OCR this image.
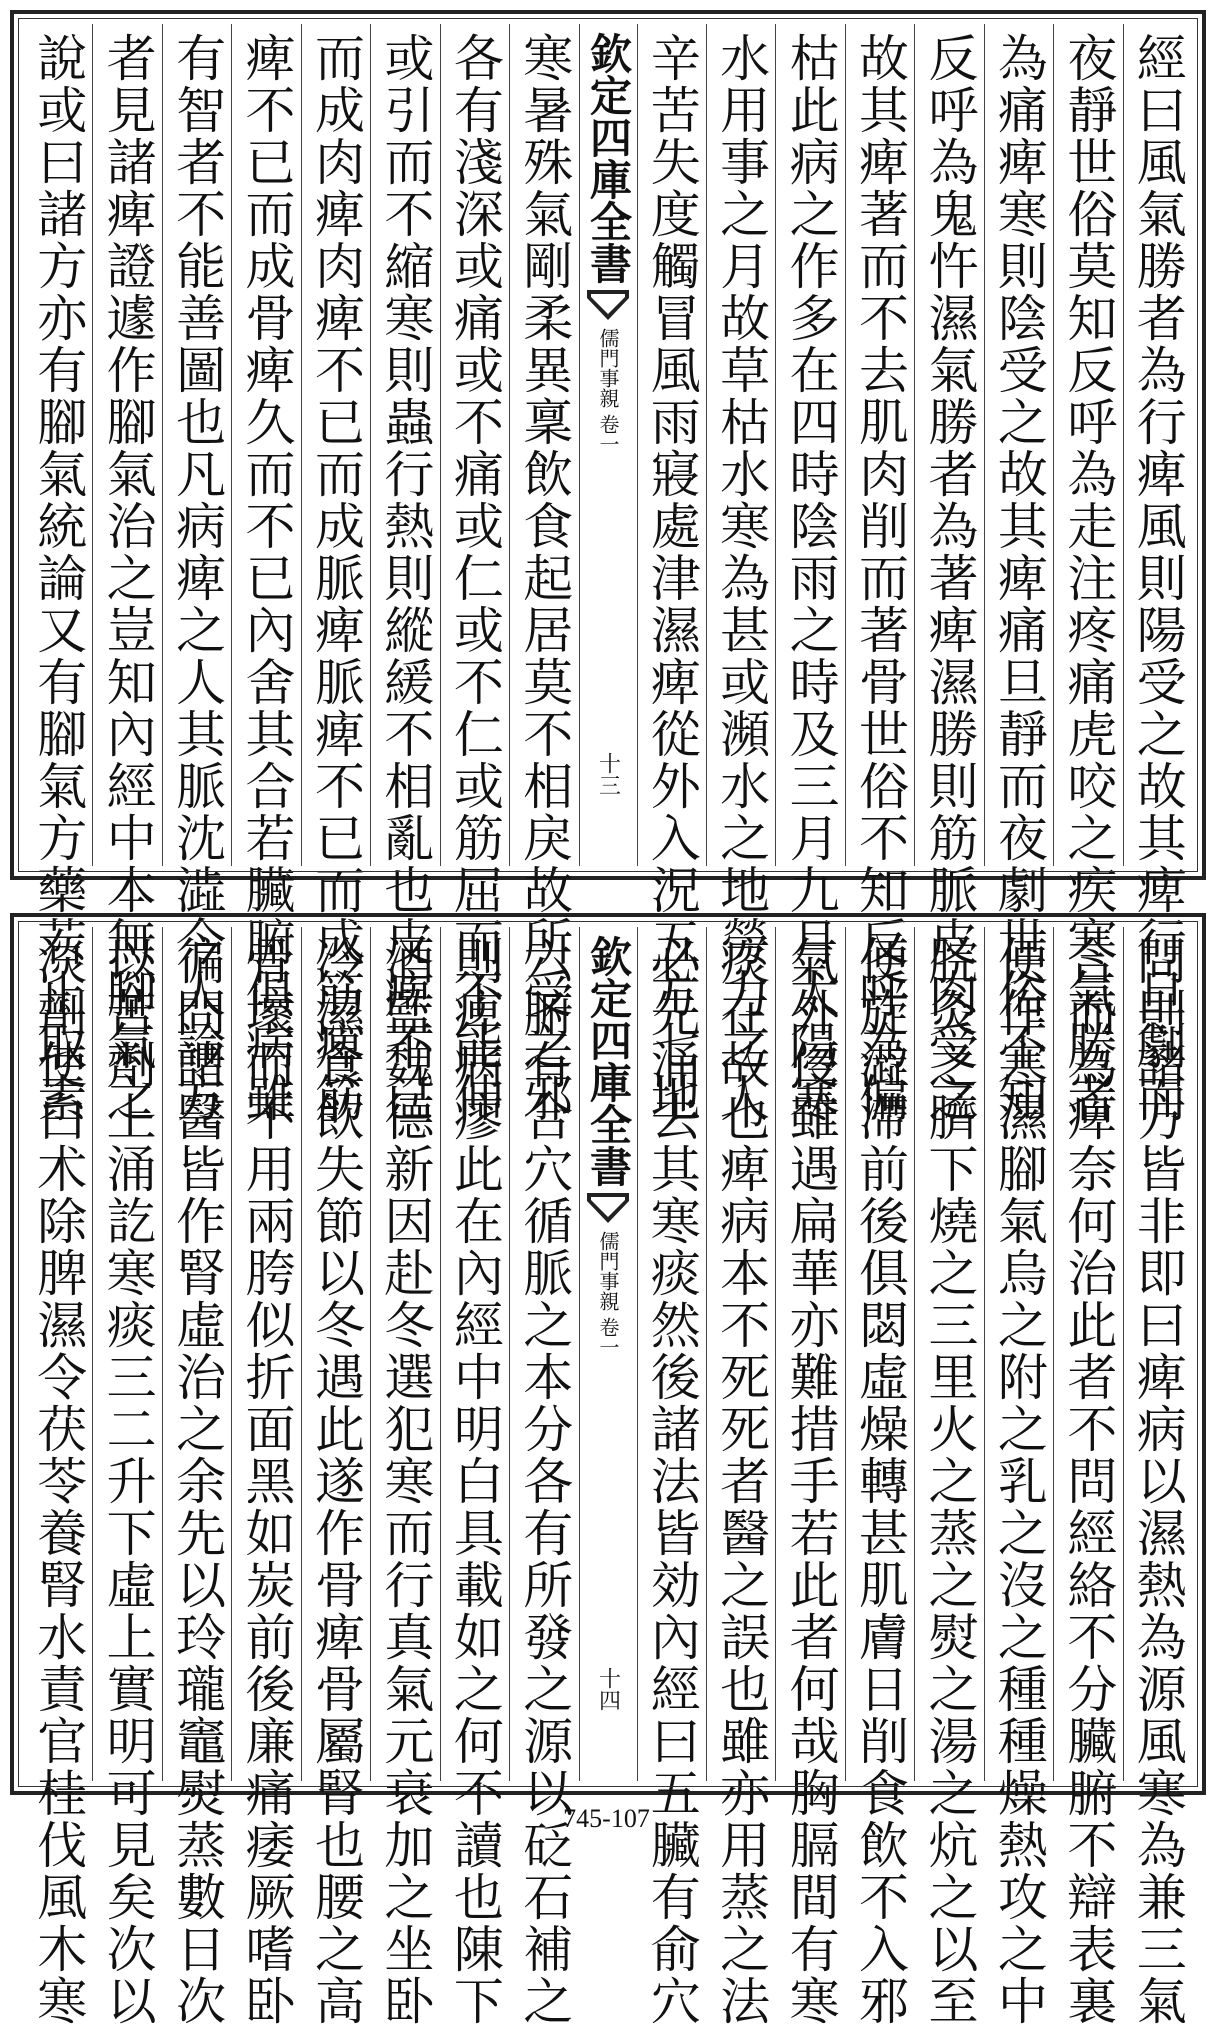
經曰風氣勝者為行痺風則陽受之故其痺行旦劇而
夜靜世俗莫知反呼為走注疼痛虎咬之疾寒氣勝者
為痛痺寒則陰受之故其痺痛旦靜而夜劇世俗不知
反呼為鬼忤濕氣勝者為著痺濕勝則筋脈皮肉受之
故其痺著而不去肌肉削而著骨世俗不知反呼為偏
枯此病之作多在四時陰雨之時及三月九月太陽寒
水用事之月故草枯水寒為甚或瀕水之地勞力之人
辛苦失度觸冒風雨寢處津濕痺從外入況五方七地
欽定四庫全書
儒門事親
卷一
十三
寒暑殊氣剛柔異稟飲食起居莫不相戾故所受之邪
各有淺深或痛或不痛或仁或不仁或筋屈而不能伸
或引而不縮寒則蟲行熱則縱緩不相亂也皮痺不已
而成肉痺肉痺不已而成脈痺脈痺不已而成筋痺筋
痺不已而成骨痺久而不已內舍其合若臟腑俱病雖
有智者不能善圖也凡病痺之人其脈沈澁今人論方
者見諸痺證遽作腳氣治之豈知內經中本無腳氣之
說或曰諸方亦有腳氣統論又有腳氣方藥若止取素
問則諸方皆非即曰痺病以濕熱為源風寒為兼三氣
合而為痺奈何治此者不問經絡不分臟腑不辯表裏
便作寒濕腳氣烏之附之乳之沒之種種燥熱攻之中
脘灸之臍下燒之三里火之蒸之熨之湯之炕之以至
便旋澁滯前後俱閟虛燥轉甚肌膚日削食飲不入邪
氣外侵雖遇扁華亦難措手若此者何哉胸膈間有寒
痰在故也痺病本不死死者醫之誤也雖亦用蒸之法
必先涌去其寒痰然後諸法皆効內經曰五臟有俞穴
欽定四庫全書
儒門事親
卷一
十四
六腑有合穴循脈之本分各有所發之源以砭石補之
則痺病瘳此在內經中明白具載如之何不讀也陳下
酒監魏德新因赴冬選犯寒而行真氣元衰加之坐卧
冷濕食飲失節以冬遇此遂作骨痺骨屬腎也腰之高
骨壞而不用兩胯似折面黑如炭前後廉痛痿厥嗜卧
徧問諸醫皆作腎虛治之余先以玲瓏竈熨蒸數日次
以苦劑上涌訖寒痰三二升下虛上實明可見矣次以
淡劑使白术除脾濕令茯苓養腎水責官桂伐風木寒	745-107
